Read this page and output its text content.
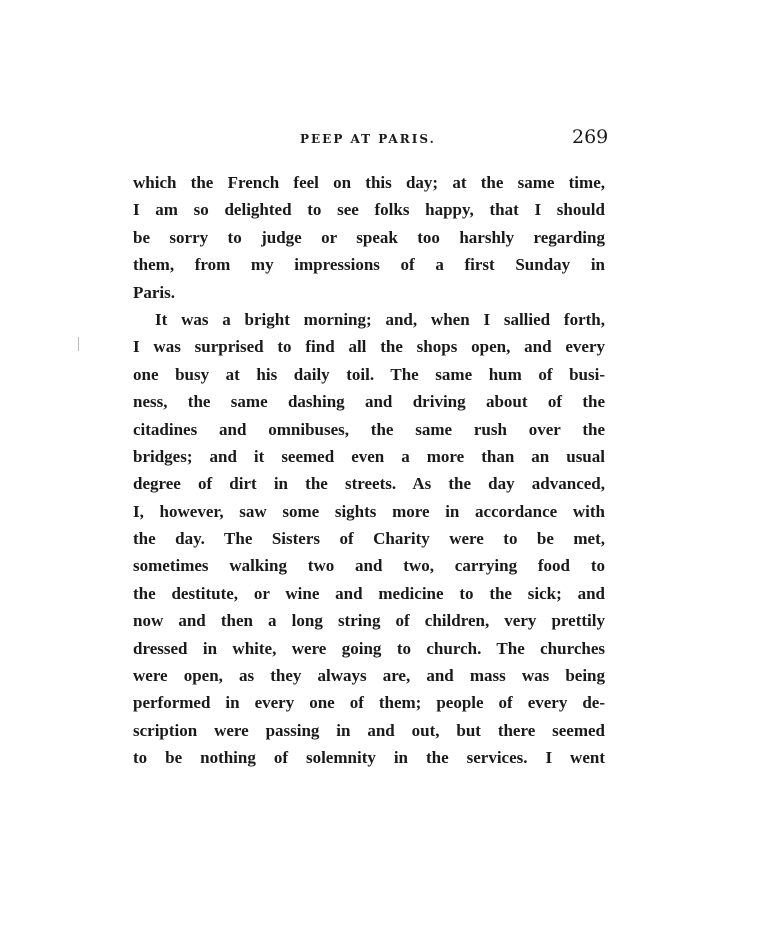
PEEP AT PARIS.	269
which the French feel on this day; at the same time,
I am so delighted to see folks happy, that I should
be sorry to judge or speak too harshly regarding
them, from my impressions of a first Sunday in
Paris.
It was a bright morning; and, when I sallied forth,
I was surprised to find all the shops open, and every
one busy at his daily toil. The same hum of busi-
ness, the same dashing and driving about of the
citadines and omnibuses, the same rush over the
bridges; and it seemed even a more than an usual
degree of dirt in the streets. As the day advanced,
I, however, saw some sights more in accordance with
the day. The Sisters of Charity were to be met,
sometimes walking two and two, carrying food to
the destitute, or wine and medicine to the sick; and
now and then a long string of children, very prettily
dressed in white, were going to church. The churches
were open, as they always are, and mass was being
performed in every one of them; people of every de-
scription were passing in and out, but there seemed
to be nothing of solemnity in the services. I went
